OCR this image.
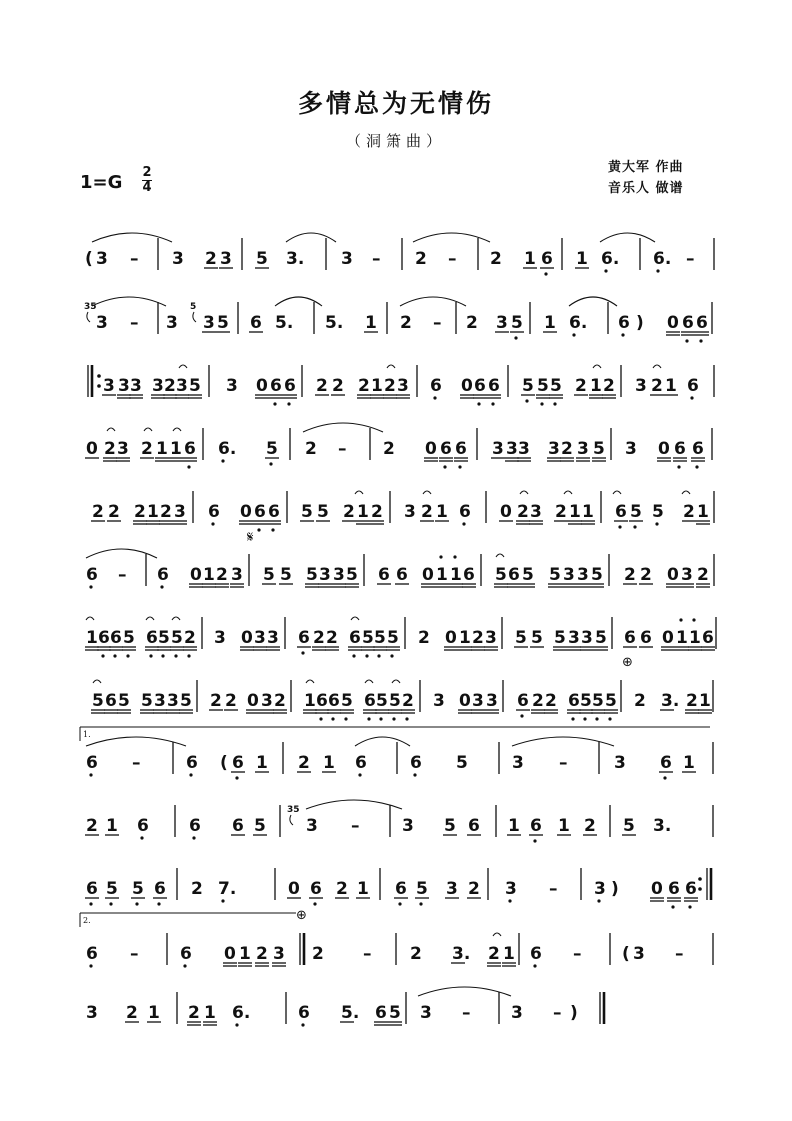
多情总为无情伤
（洞箫曲）
黄大军 作曲
音乐人 做谱
1=G 2
4
( 3 – 3 2 3 5 3. 3 – 2 – 2 1 6 1 6. 6. –
35
3 – 3
5
3 5 6 5. 5. 1 2 – 2 3 5 1 6. 6 ) 0 6 6
3 3 3 3 2 3 5 3 0 6 6 2 2 2 1 2 3 6 0 6 6 5 5 5 2 1 2 3 2 1 6
0 2 3 2 1 1 6 6. 5 2 – 2 0 6 6 3 3 3 3 2 3 5 3 0 6 6
2 2 2 1 2 3 6 0 6 6 5 5 2 1 2 3 2 1 6 0 2 3 2 1 1 6 5 5 2 1
6 – 6 0 1 2 3 5 5 5 3 3 5 6 6 0 1 1 6 5 6 5 5 3 3 5 2 2 0 3 2
1 6 6 5 6 5 5 2 3 0 3 3 6 2 2 6 5 5 5 2 0 1 2 3 5 5 5 3 3 5 6 6 0 1 1 6
5 6 5 5 3 3 5 2 2 0 3 2 1 6 6 5 6 5 5 2 3 0 3 3 6 2 2 6 5 5 5 2 3. 2 1
6 –	6 ( 6 1 2 1 6	6 5	3 –	3 6 1
2 1 6 6 6 5
35
3 –	3 5 6 1 6 1 2 5 3.
6 5 5 6 2 7.	0 6 2 1 6 5 3 2 3 – 3 ) 0 6 6
6 – 6 0 1 2 3 2 – 2 3. 2 1 6 – ( 3 –
3 2 1 2 1 6.	6 5. 6 5 3 – 3 – )
1.
2.
𝄋
⊕
⊕
